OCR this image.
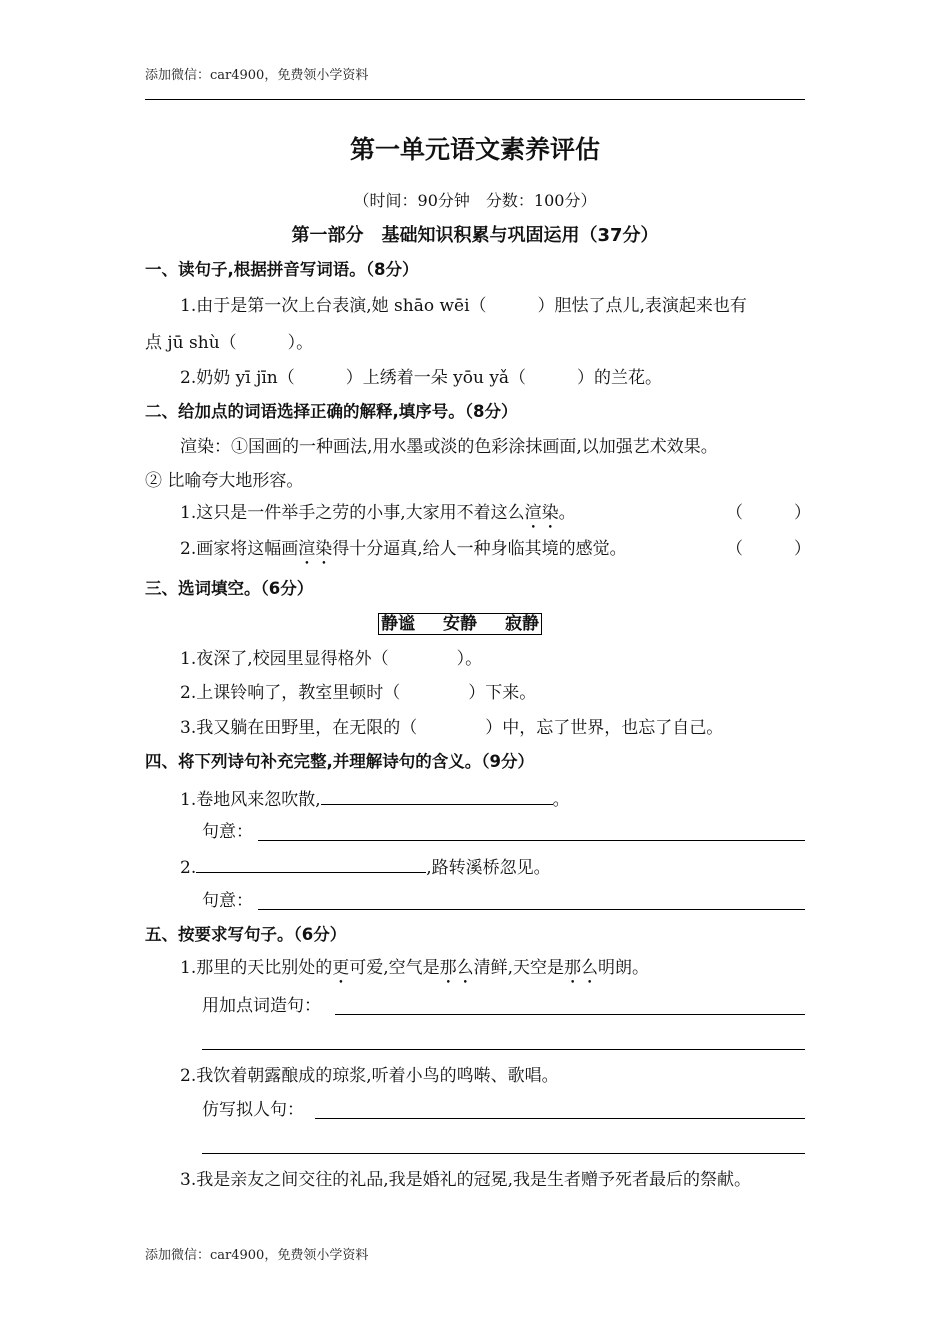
添加微信：car4900，免费领小学资料
第一单元语文素养评估
（时间：90分钟　分数：100分）
第一部分　基础知识积累与巩固运用（37分）
一、读句子,根据拼音写词语。（8分）
1.由于是第一次上台表演,她 shāo wēi（　　　）胆怯了点儿,表演起来也有
点 jū shù（　　　）。
2.奶奶 yī jīn（　　　）上绣着一朵 yōu yǎ（　　　）的兰花。
二、给加点的词语选择正确的解释,填序号。（8分）
渲染：①国画的一种画法,用水墨或淡的色彩涂抹画面,以加强艺术效果。
② 比喻夸大地形容。
1.这只是一件举手之劳的小事,大家用不着这么渲染。	（　　　）
2.画家将这幅画渲染得十分逼真,给人一种身临其境的感觉。	（　　　）
三、选词填空。（6分）
静谧 安静 寂静
1.夜深了,校园里显得格外（　　　　）。
2.上课铃响了，教室里顿时（　　　　）下来。
3.我又躺在田野里，在无限的（　　　　）中，忘了世界，也忘了自己。
四、将下列诗句补充完整,并理解诗句的含义。（9分）
1.卷地风来忽吹散,	。
句意：
2.	,路转溪桥忽见。
句意：
五、按要求写句子。（6分）
1.那里的天比别处的更可爱,空气是那么清鲜,天空是那么明朗。
用加点词造句：
2.我饮着朝露酿成的琼浆,听着小鸟的鸣啭、歌唱。
仿写拟人句：
3.我是亲友之间交往的礼品,我是婚礼的冠冕,我是生者赠予死者最后的祭献。
添加微信：car4900，免费领小学资料
